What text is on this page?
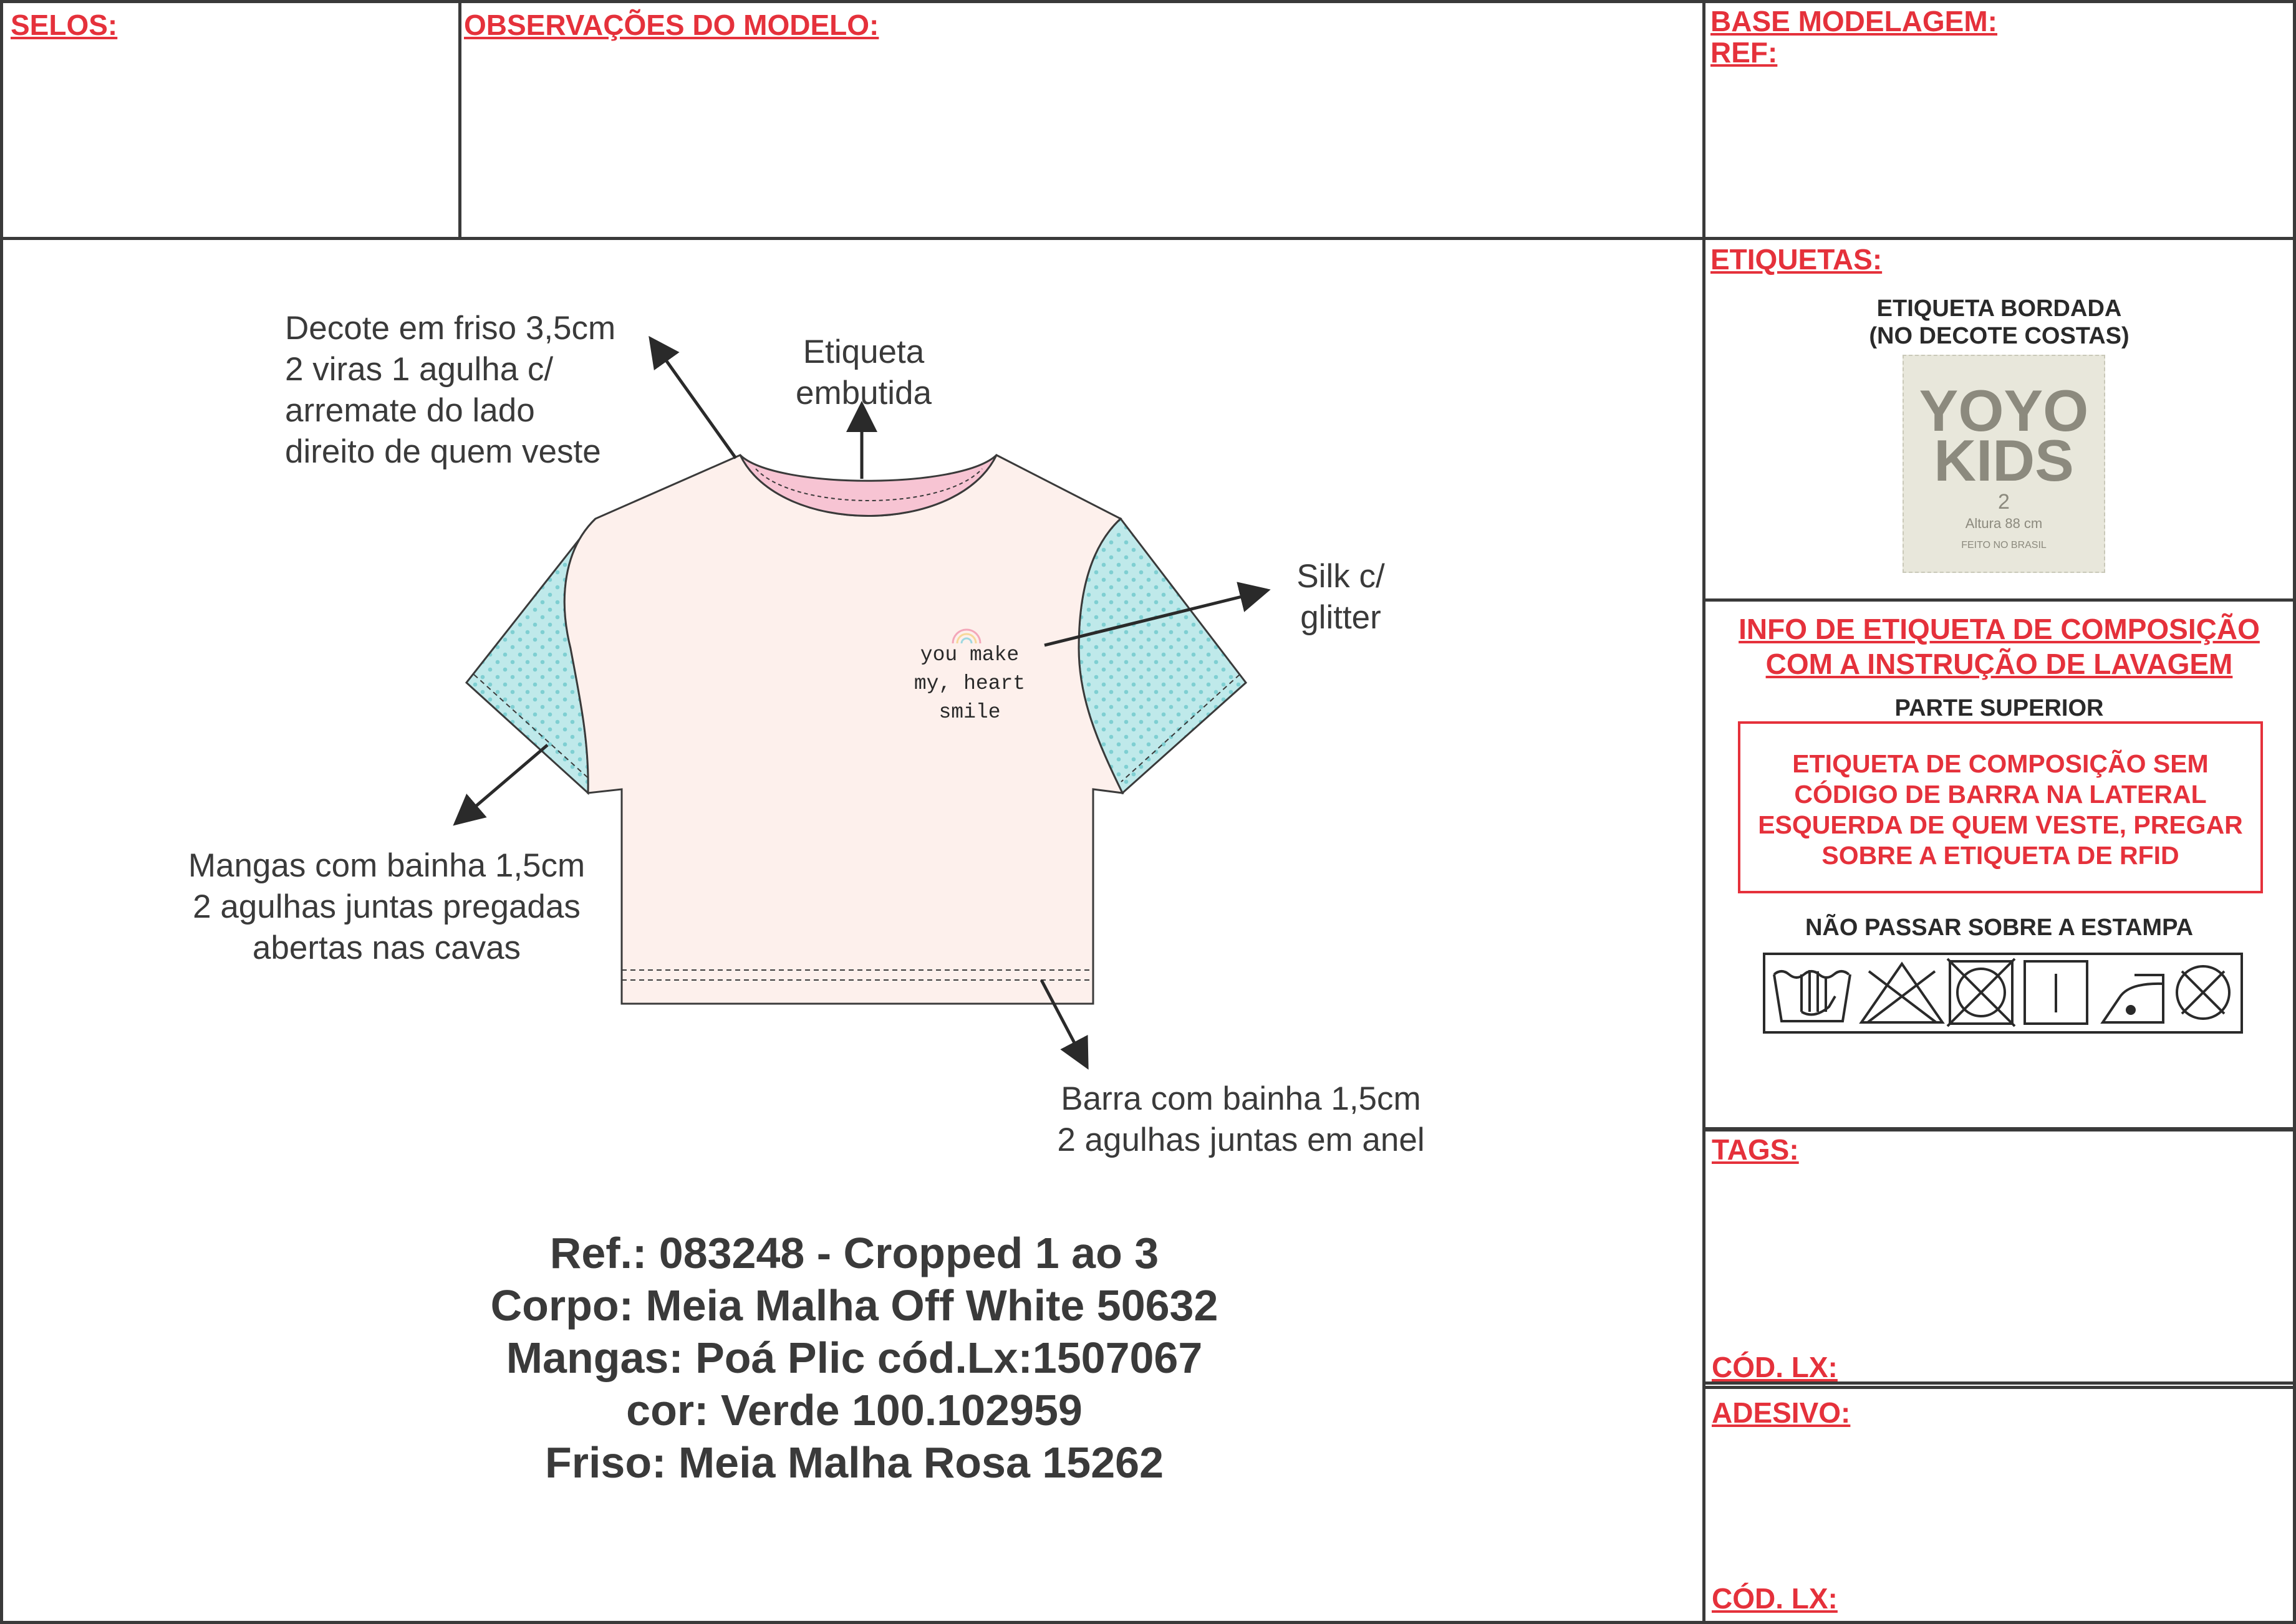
SELOS:	OBSERVAÇÕES DO MODELO:	BASE MODELAGEM:
REF:
you make
my, heart
smile
Decote em friso 3,5cm
2 viras 1 agulha c/
arremate do lado
direito de quem veste
Etiqueta
embutida
Silk c/
glitter
Mangas com bainha 1,5cm
2 agulhas juntas pregadas
abertas nas cavas
Barra com bainha 1,5cm
2 agulhas juntas em anel
Ref.: 083248 - Cropped 1 ao 3
Corpo: Meia Malha Off White 50632
Mangas: Poá Plic cód.Lx:1507067
cor: Verde 100.102959
Friso: Meia Malha Rosa 15262
ETIQUETAS:
ETIQUETA BORDADA
(NO DECOTE COSTAS)
YOYO
KIDS
2
Altura 88 cm
FEITO NO BRASIL
INFO DE ETIQUETA DE COMPOSIÇÃO
COM A INSTRUÇÃO DE LAVAGEM
PARTE SUPERIOR
ETIQUETA DE COMPOSIÇÃO SEM
CÓDIGO DE BARRA NA LATERAL
ESQUERDA DE QUEM VESTE, PREGAR
SOBRE A ETIQUETA DE RFID
NÃO PASSAR SOBRE A ESTAMPA
TAGS:
CÓD. LX:
ADESIVO:
CÓD. LX:
